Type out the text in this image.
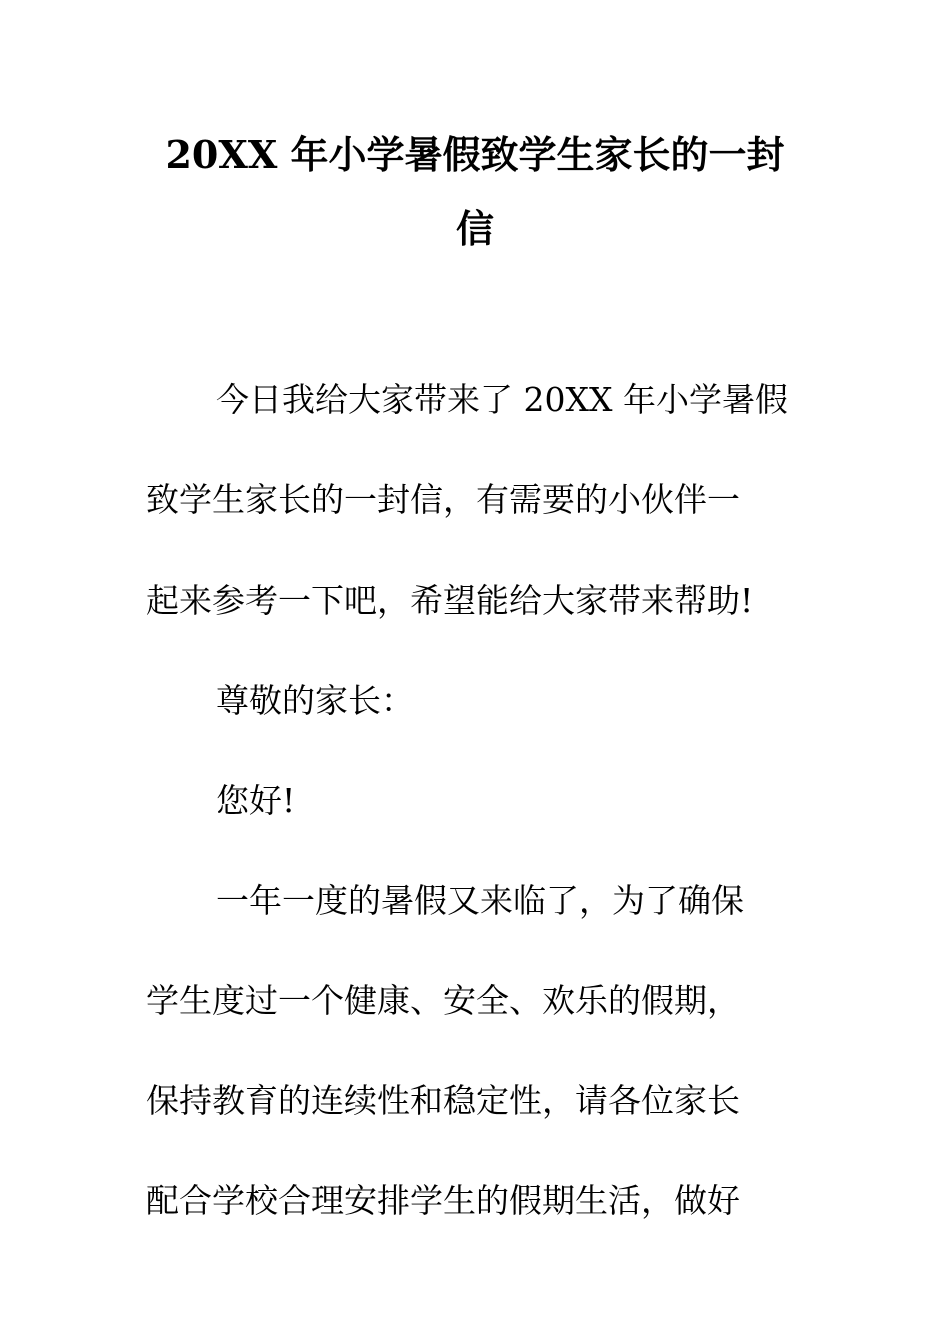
20XX 年小学暑假致学生家长的一封
信

今日我给大家带来了 20XX 年小学暑假

致学生家长的一封信，有需要的小伙伴一

起来参考一下吧，希望能给大家带来帮助!

尊敬的家长：

您好!

一年一度的暑假又来临了，为了确保

学生度过一个健康、安全、欢乐的假期，

保持教育的连续性和稳定性，请各位家长

配合学校合理安排学生的假期生活，做好
